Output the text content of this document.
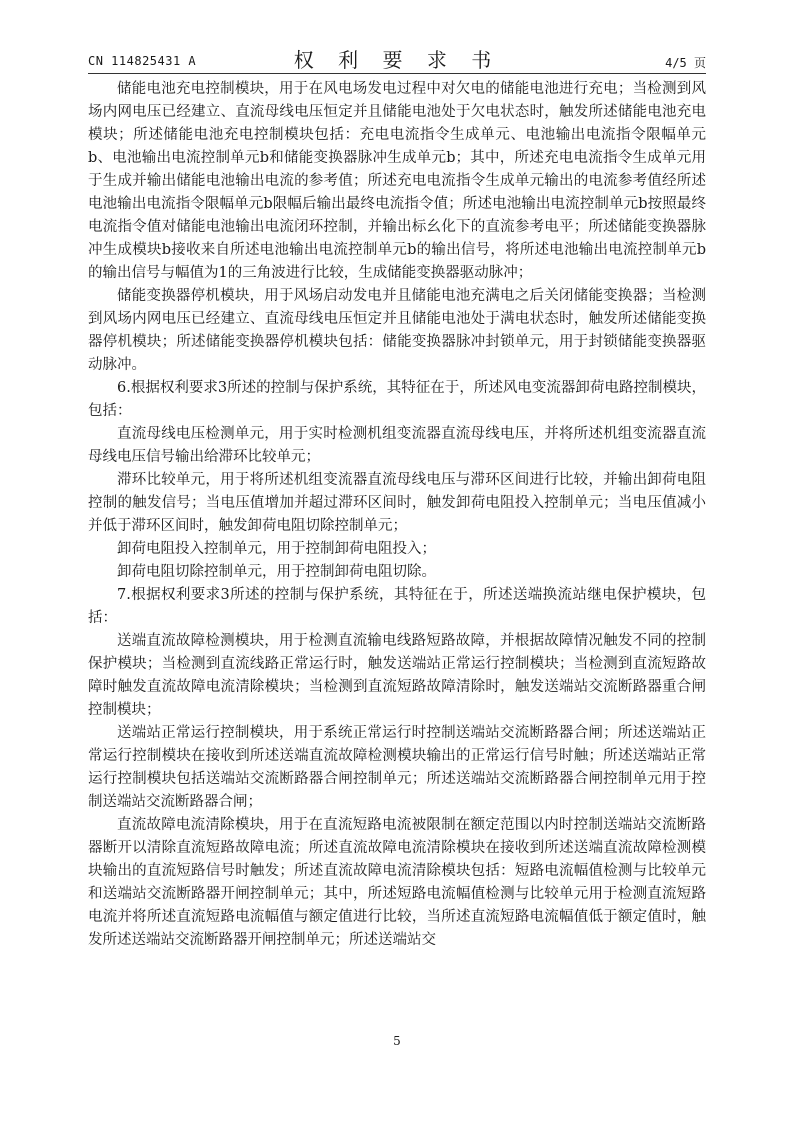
CN 114825431 A	权 利 要 求 书	4/5 页

储能电池充电控制模块，用于在风电场发电过程中对欠电的储能电池进行充电；当检测到风场内网电压已经建立、直流母线电压恒定并且储能电池处于欠电状态时，触发所述储能电池充电模块；所述储能电池充电控制模块包括：充电电流指令生成单元、电池输出电流指令限幅单元b、电池输出电流控制单元b和储能变换器脉冲生成单元b；其中，所述充电电流指令生成单元用于生成并输出储能电池输出电流的参考值；所述充电电流指令生成单元输出的电流参考值经所述电池输出电流指令限幅单元b限幅后输出最终电流指令值；所述电池输出电流控制单元b按照最终电流指令值对储能电池输出电流闭环控制，并输出标幺化下的直流参考电平；所述储能变换器脉冲生成模块b接收来自所述电池输出电流控制单元b的输出信号，将所述电池输出电流控制单元b的输出信号与幅值为1的三角波进行比较，生成储能变换器驱动脉冲；

储能变换器停机模块，用于风场启动发电并且储能电池充满电之后关闭储能变换器；当检测到风场内网电压已经建立、直流母线电压恒定并且储能电池处于满电状态时，触发所述储能变换器停机模块；所述储能变换器停机模块包括：储能变换器脉冲封锁单元，用于封锁储能变换器驱动脉冲。

6.根据权利要求3所述的控制与保护系统，其特征在于，所述风电变流器卸荷电路控制模块，包括：

直流母线电压检测单元，用于实时检测机组变流器直流母线电压，并将所述机组变流器直流母线电压信号输出给滞环比较单元；

滞环比较单元，用于将所述机组变流器直流母线电压与滞环区间进行比较，并输出卸荷电阻控制的触发信号；当电压值增加并超过滞环区间时，触发卸荷电阻投入控制单元；当电压值减小并低于滞环区间时，触发卸荷电阻切除控制单元；

卸荷电阻投入控制单元，用于控制卸荷电阻投入；

卸荷电阻切除控制单元，用于控制卸荷电阻切除。

7.根据权利要求3所述的控制与保护系统，其特征在于，所述送端换流站继电保护模块，包括：

送端直流故障检测模块，用于检测直流输电线路短路故障，并根据故障情况触发不同的控制保护模块；当检测到直流线路正常运行时，触发送端站正常运行控制模块；当检测到直流短路故障时触发直流故障电流清除模块；当检测到直流短路故障清除时，触发送端站交流断路器重合闸控制模块；

送端站正常运行控制模块，用于系统正常运行时控制送端站交流断路器合闸；所述送端站正常运行控制模块在接收到所述送端直流故障检测模块输出的正常运行信号时触；所述送端站正常运行控制模块包括送端站交流断路器合闸控制单元；所述送端站交流断路器合闸控制单元用于控制送端站交流断路器合闸；

直流故障电流清除模块，用于在直流短路电流被限制在额定范围以内时控制送端站交流断路器断开以清除直流短路故障电流；所述直流故障电流清除模块在接收到所述送端直流故障检测模块输出的直流短路信号时触发；所述直流故障电流清除模块包括：短路电流幅值检测与比较单元和送端站交流断路器开闸控制单元；其中，所述短路电流幅值检测与比较单元用于检测直流短路电流并将所述直流短路电流幅值与额定值进行比较，当所述直流短路电流幅值低于额定值时，触发所述送端站交流断路器开闸控制单元；所述送端站交

5
